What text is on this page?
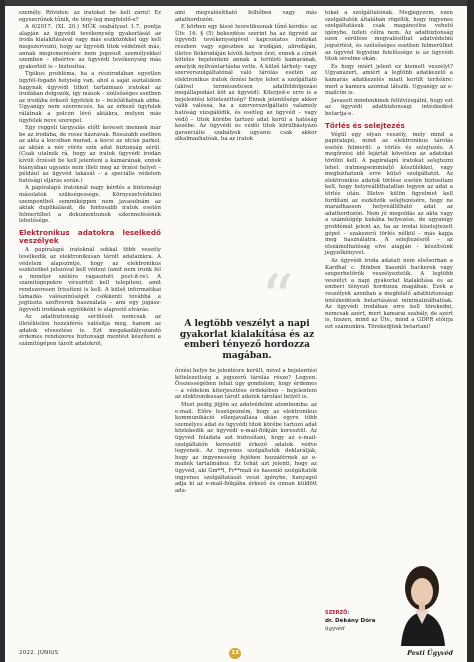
személy. Röviden: az iratokat be kell zárni! Ez egyszerűnek tűnik, de tény-leg megfelelő-e?

A 6/2017. (XI. 20.) MÜK szabályzat 1.7. pontja alapján az ügyvédi tevékenység gyakorlását az iroda kialakításával vagy más eszközökkel úgy kell megszervezni, hogy az ügyvédi titok védelmét más, annak megismerésére nem jogosult személyekkel szemben – ideértve az ügyvédi tevékenység más gyakorlóit is – biztosítsa.

Tipikus probléma, ha a részirodában egyetlen ügyfél-fogadó helyiség van, ahol a saját asztalukon hagynak ügyvédi titkot tartalmazó iratokat az irodában dolgozók, így mások – szélsőséges esetben az irodába érkező ügyfelek is – beleláthatnak abba. Ugyanígy nem szerencsés, ha az érkező ügyfelek rálátnak a polcon lévő aktákra, melyen más ügyfelek neve szerepel.

Egy reggeli tárgyalás előtt keveset mennek már be az irodába, de rossz házravak. Rosszabb esetben az akta a kocsiban marad, a kocsi az utcán parkol, az aktán a név vörös szín adat biztonság sérül. (Csak utalnék rá, hogy az iratok ügyvédi irodán kívüli őrzését be kell jelenteni a kamarának, ennek hiányában ugyanis nem illeti meg az őrzési helyet – például az ügyvéd lakását – a speciális védelem hatósági eljárás során.)

A papíralapú iratoknál nagy kérdés a biztonsági másolatok szükségessége. Környezetvédelmi szempontból semmiképpen nem javasolnám az aktak duplikálását, de fontosabb iratok esetén felmerülhet a dokumentumok szkennelésének lehetősége.

Elektronikus adatokra leselkedő veszélyek

A papíralapú iratoknál sokkal több veszély leselkedik az elektronikusan tárolt adatainkra. A védelem alapszintje, hogy az elektronikus eszközöket jelszóval kell védeni (amit nem írunk fel a monitor szélére ragasztott post-it-re). A számítógépekre vírusirtót kell telepíteni, amit rendszeresen frissíteni is kell. A külső informatikai támadás valószínűségét csökkenti továbbá a jogtiszta szoftverek használata – ami egy jogász-ügyvédi irodának egyébként is alapvető elvárás.

Az adatbiztonság sérülését nemcsak az illetéktelen hozzáférés valósítja meg, hanem az adatok elvesztése is. Ezt megakadályozandó érdemes rendszeres biztonsági mentést készíteni a számítógépen tárolt adatokról,

ami megvalósítható felhőben vagy más adathordozón.

E körben egy kissé teoretikusnak tűnő kérdés: az Ütv. 16. § (5) bekezdése szerint ha az ügyvéd az ügyvédi tevékenységével kapcsolatos iratokat részben vagy egészben az irodáján, alirodáján, illetve fiókirodáján kívüli helyen őrzi, ennek a címét köteles bejelenteni annak a területi kamarának, amelyik nyilvántartásba vette. A külső tárhely- vagy szerverszolgáltatónál való tárolás esetén az elektronikus iratok őrzési helye lehet a szolgáltató (akivel természetesen adatfeldolgozási megállapodást köt az ügyvéd). Kiterjed-e erre is a bejelentési kötelezettség? Ennek jelentősége akkor válik valóssá, ha a szerverszolgáltató valamely hatóság vizsgálódik, és esetleg az ügyvéd – vagy védő – titok körébe tartozó adat kerül a hatóság kezébe. Az ügyvédi és védői titok körülbástyázó garanciális szabályok ugyanis csak akkor alkalmazhatóak, ha az iratok

“
A legtöbb veszélyt a napi gyakorlat kialakítása és az emberi tényező hordozza magában.

őrzési helye be jelentésre került, mivel a bejelentési kötelezettség a jogszerű tárolás része? Legyen. Összességében tehát úgy gondolom, hogy érdemes – a védelem kiterjesztése érdekében – bejelenteni az elektronikusan tárolt adatok tárolási helyét is.

Most pedig jöjjön az adatvédelmi atombomba: az e-mail. Előre leszögezném, hogy az elektronikus kommunikáció ellenjavallása okán egyre több személyes adat és ügyvédi titok körébe tartozó adat közlekedik az ügyvédi e-mail-fiókján keresztül. Az ügyvéd feladata azt biztosítani, hogy az e-mail-szolgáltatón keresztül érkező adatok védve legyenek. Az ingyenes szolgáltatók deklarálják, hogy az ingyenesség fejében hozzáférnek az e-mailek tartalmához. Ez tehát azt jelenti, hogy az ügyvéd, aki Gm**l, Fr**mail és hasonló szolgáltatók ingyenes szolgáltatását veszi igénybe, hanyagul adja ki az e-mail-fiókjába érkező és onnan küldött ada-

tokat a szolgáltatónak. Megjegyzem, ezen szolgáltatók általában rögzítik, hogy ingyenes szolgáltatásuk csak magáncélra vehető igénybe, üzleti célra nem. Az adatbiztonság ezen sérülése megvalósíthat adatvédelmi jogsértést, és szélsőséges esetben felmerülhet az ügyvéd fegyelmi felelőssége is az ügyvédi titok sérelme okán.

És hogy miért jelent ez kiemelt veszélyt? Ugyanazért, amiért a legtöbb adatkezelő a kamarás adatkezelés miatt került terítékre: mert a kamera azonnal látszik. Ugyanígy az e-mailcím is.

Javasolt mindenkinek felülvizsgálni, hogy ezt az ügyvédi adatbiztonsági intézkedést betartja-e.

Tőrlés és selejtezés

Végül egy olyan veszély, mely mind a papíralapú, mind az elektronikus tárolás esetén felmerül: a törlés és selejtezés. A megőrzési idő lejártát követően az adatokat törölni kell. A papíralapú iratokat selejtezni lehet iratmegsemmisítő készülékkel, vagy megbízhatunk erre külső szolgáltatót. Az elektronikus adatok törlése esetén biztosítani kell, hogy helyreállíthatatlan legyen az adat a törlés után. Illetve külön figyelmet kell fordítani az eszközök selejtezésére, hogy ne maradhasson helyreállítható adat az adathordozón. Nem jó megoldás az akta vagy a számítógép kukába helyezése, de ugyanígy problémát jelent az, ha az irodai kiselejtezett gépet – szakszerű törlés nélkül – más kapja meg használatra. A selejtezésről – az elszámolhatóság elve alapján – készítsünk jegyzőkönyvet.

Az ügyvédi iroda adatait nem elsősorban a Kardhal c. filmben hasonló hackerek vagy szuperbetörők veszélyeztetik. A legtöbb veszélyt a napi gyakorlat kialakítása és az emberi tényező hordozza magában. Ezek a veszélyek azonban a megfelelő adatbiztonsági intézkedések betartásával minimalizálhatóak. Az ügyvédi irodában erre kell törekedni, nemcsak azért, mert kamarai szabály, de azért is, hiszen, mind az Ütv., mind a GDPR előírja ezt számunkra. Törekedjünk betartani!

SZERZŐ:
dr. Dékány Dóra
ügyvéd
2022. JÚNIUS	13	Pesti Ügyvéd
